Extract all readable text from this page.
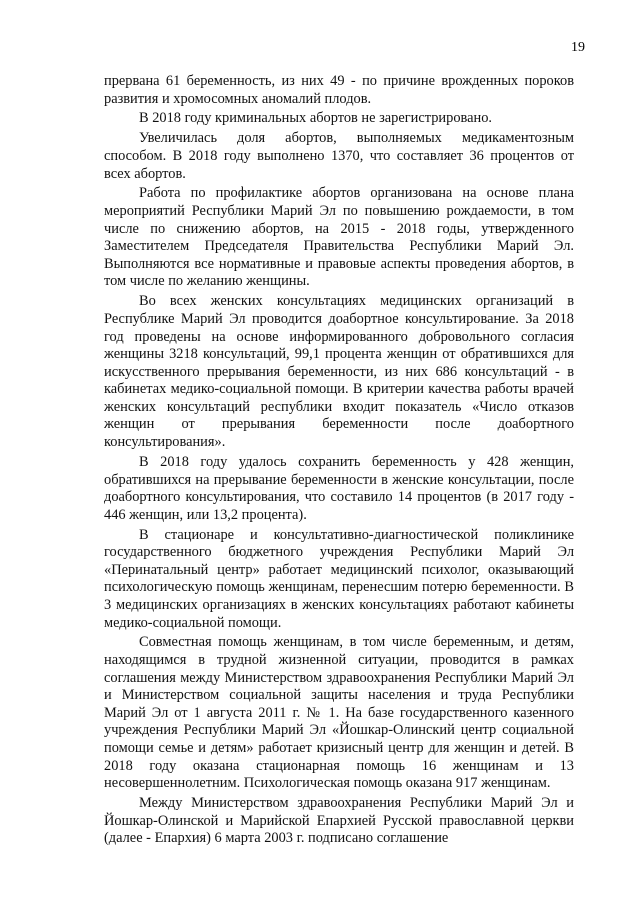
19

прервана 61 беременность, из них 49 - по причине врожденных пороков развития и хромосомных аномалий плодов.

В 2018 году криминальных абортов не зарегистрировано.

Увеличилась доля абортов, выполняемых медикаментозным способом. В 2018 году выполнено 1370, что составляет 36 процентов от всех абортов.

Работа по профилактике абортов организована на основе плана мероприятий Республики Марий Эл по повышению рождаемости, в том числе по снижению абортов, на 2015 - 2018 годы, утвержденного Заместителем Председателя Правительства Республики Марий Эл. Выполняются все нормативные и правовые аспекты проведения абортов, в том числе по желанию женщины.

Во всех женских консультациях медицинских организаций в Республике Марий Эл проводится доабортное консультирование. За 2018 год проведены на основе информированного добровольного согласия женщины 3218 консультаций, 99,1 процента женщин от обратившихся для искусственного прерывания беременности, из них 686 консультаций - в кабинетах медико-социальной помощи. В критерии качества работы врачей женских консультаций республики входит показатель «Число отказов женщин от прерывания беременности после доабортного консультирования».

В 2018 году удалось сохранить беременность у 428 женщин, обратившихся на прерывание беременности в женские консультации, после доабортного консультирования, что составило 14 процентов (в 2017 году - 446 женщин, или 13,2 процента).

В стационаре и консультативно-диагностической поликлинике государственного бюджетного учреждения Республики Марий Эл «Перинатальный центр» работает медицинский психолог, оказывающий психологическую помощь женщинам, перенесшим потерю беременности. В 3 медицинских организациях в женских консультациях работают кабинеты медико-социальной помощи.

Совместная помощь женщинам, в том числе беременным, и детям, находящимся в трудной жизненной ситуации, проводится в рамках соглашения между Министерством здравоохранения Республики Марий Эл и Министерством социальной защиты населения и труда Республики Марий Эл от 1 августа 2011 г. № 1. На базе государственного казенного учреждения Республики Марий Эл «Йошкар-Олинский центр социальной помощи семье и детям» работает кризисный центр для женщин и детей. В 2018 году оказана стационарная помощь 16 женщинам и 13 несовершеннолетним. Психологическая помощь оказана 917 женщинам.

Между Министерством здравоохранения Республики Марий Эл и Йошкар-Олинской и Марийской Епархией Русской православной церкви (далее - Епархия) 6 марта 2003 г. подписано соглашение
